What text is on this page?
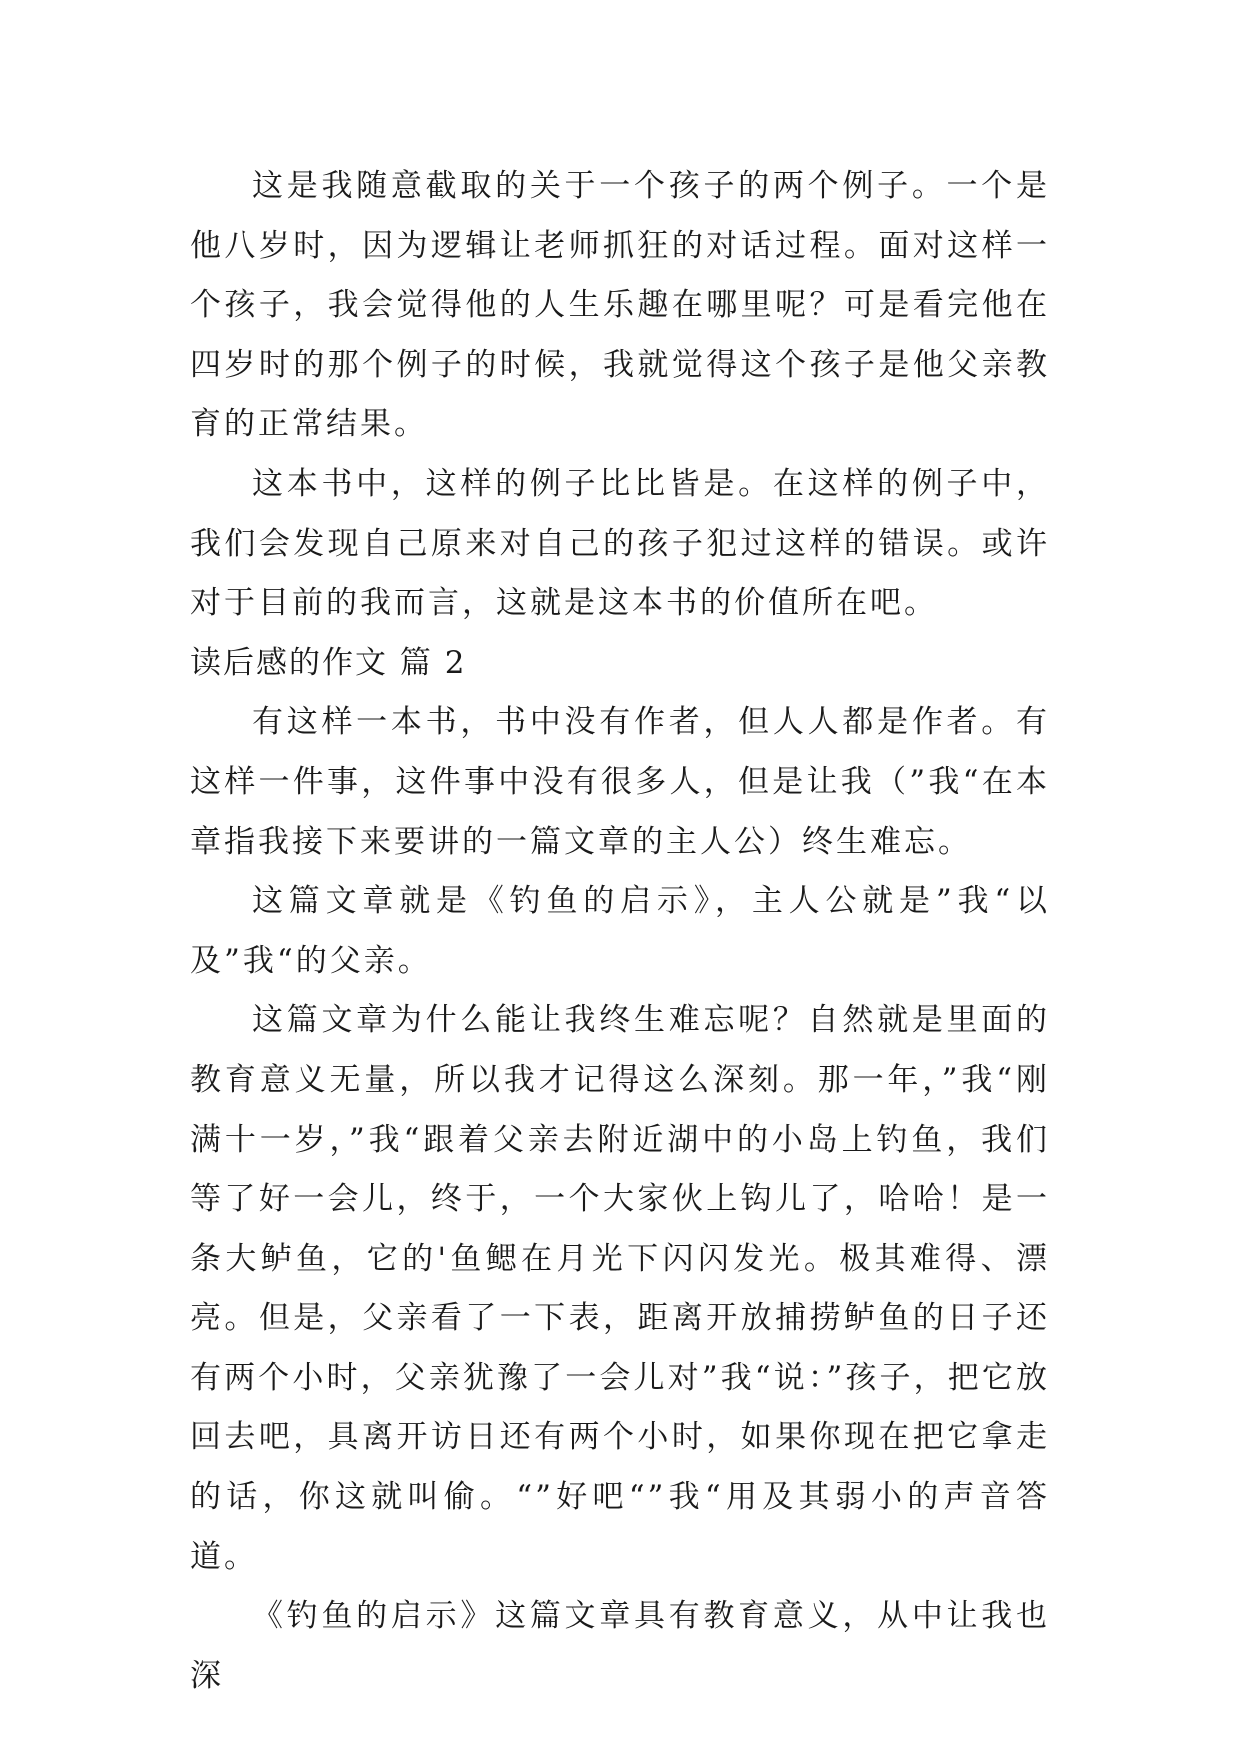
这是我随意截取的关于一个孩子的两个例子。一个是他八岁时，因为逻辑让老师抓狂的对话过程。面对这样一个孩子，我会觉得他的人生乐趣在哪里呢？可是看完他在四岁时的那个例子的时候，我就觉得这个孩子是他父亲教育的正常结果。

这本书中，这样的例子比比皆是。在这样的例子中，我们会发现自己原来对自己的孩子犯过这样的错误。或许对于目前的我而言，这就是这本书的价值所在吧。

读后感的作文 篇 2

有这样一本书，书中没有作者，但人人都是作者。有这样一件事，这件事中没有很多人，但是让我（”我“在本章指我接下来要讲的一篇文章的主人公）终生难忘。

这篇文章就是《钓鱼的启示》，主人公就是”我“以及”我“的父亲。

这篇文章为什么能让我终生难忘呢？自然就是里面的教育意义无量，所以我才记得这么深刻。那一年，”我“刚满十一岁，”我“跟着父亲去附近湖中的小岛上钓鱼，我们等了好一会儿，终于，一个大家伙上钩儿了，哈哈！是一条大鲈鱼，它的'鱼鳃在月光下闪闪发光。极其难得、漂亮。但是，父亲看了一下表，距离开放捕捞鲈鱼的日子还有两个小时，父亲犹豫了一会儿对”我“说：”孩子，把它放回去吧，具离开访日还有两个小时，如果你现在把它拿走的话，你这就叫偷。“”好吧“”我“用及其弱小的声音答道。

《钓鱼的启示》这篇文章具有教育意义，从中让我也深
